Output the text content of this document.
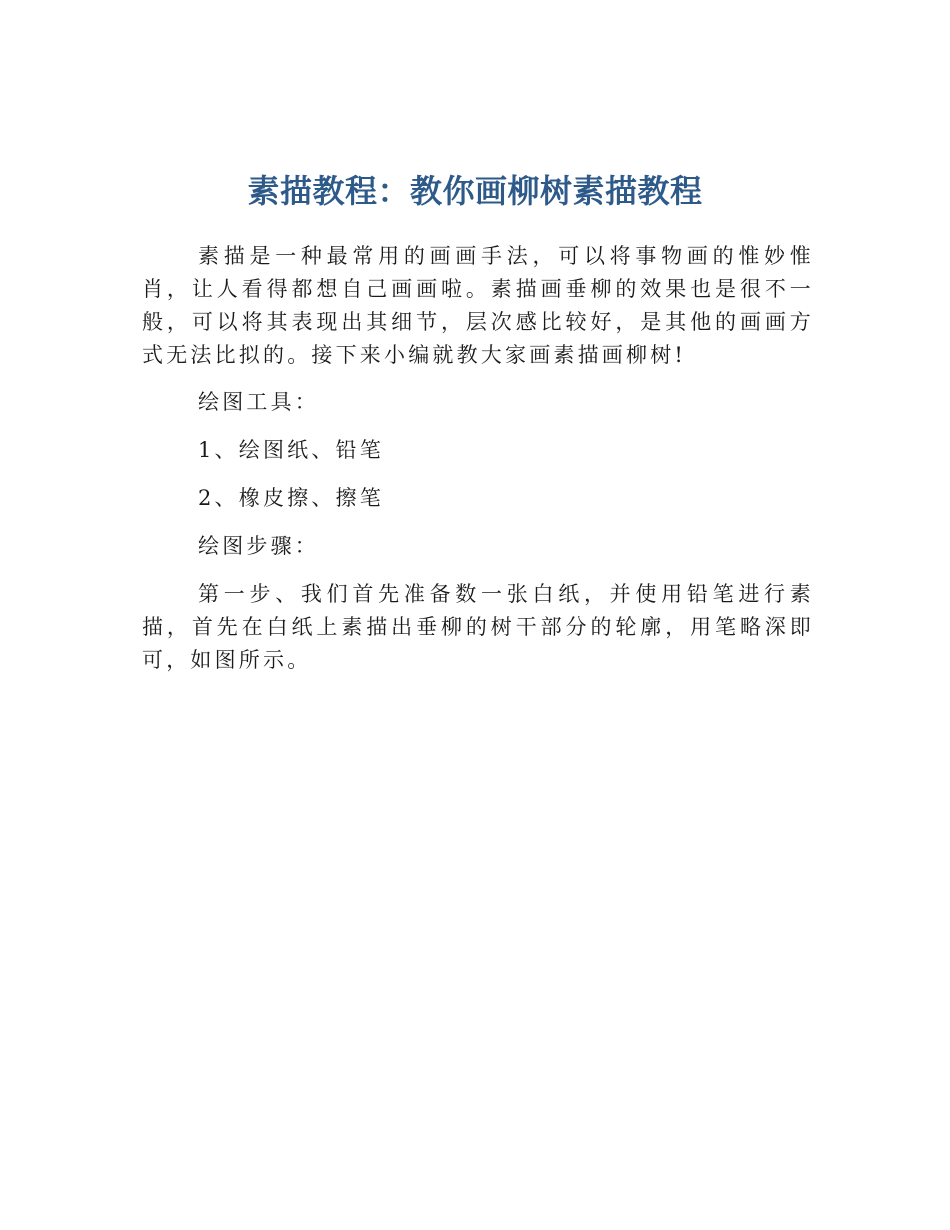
素描教程：教你画柳树素描教程

素描是一种最常用的画画手法，可以将事物画的惟妙惟肖，让人看得都想自己画画啦。素描画垂柳的效果也是很不一般，可以将其表现出其细节，层次感比较好，是其他的画画方式无法比拟的。接下来小编就教大家画素描画柳树!

绘图工具：

1、绘图纸、铅笔

2、橡皮擦、擦笔

绘图步骤：

第一步、我们首先准备数一张白纸，并使用铅笔进行素描，首先在白纸上素描出垂柳的树干部分的轮廓，用笔略深即可，如图所示。
